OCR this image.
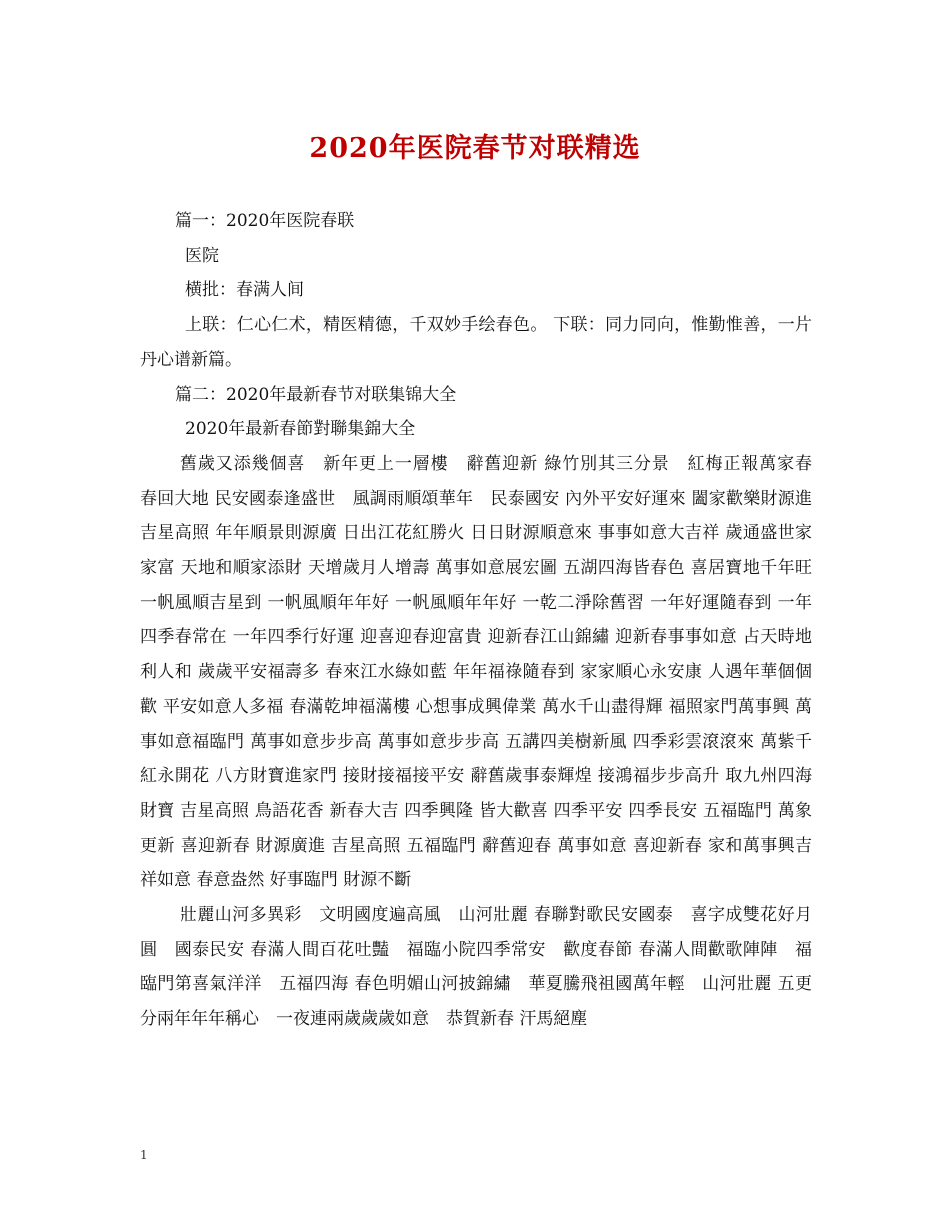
2020年医院春节对联精选

篇一：2020年医院春联

医院

横批：春满人间

上联：仁心仁术，精医精德，千双妙手绘春色。 下联：同力同向，惟勤惟善，一片丹心谱新篇。

篇二：2020年最新春节对联集锦大全

2020年最新春節對聯集錦大全

舊歲又添幾個喜　新年更上一層樓　辭舊迎新 綠竹別其三分景　紅梅正報萬家春　春回大地 民安國泰逢盛世　風調雨順頌華年　民泰國安 內外平安好運來 闔家歡樂財源進　吉星高照 年年順景則源廣 日出江花紅勝火 日日財源順意來 事事如意大吉祥 歲通盛世家家富 天地和順家添財 天增歲月人增壽 萬事如意展宏圖 五湖四海皆春色 喜居寶地千年旺 一帆風順吉星到 一帆風順年年好 一帆風順年年好 一乾二淨除舊習 一年好運隨春到 一年四季春常在 一年四季行好運 迎喜迎春迎富貴 迎新春江山錦繡 迎新春事事如意 占天時地利人和 歲歲平安福壽多 春來江水綠如藍 年年福祿隨春到 家家順心永安康 人遇年華個個歡 平安如意人多福 春滿乾坤福滿樓 心想事成興偉業 萬水千山盡得輝 福照家門萬事興 萬事如意福臨門 萬事如意步步高 萬事如意步步高 五講四美樹新風 四季彩雲滾滾來 萬紫千紅永開花 八方財寶進家門 接財接福接平安 辭舊歲事泰輝煌 接鴻福步步高升 取九州四海財寶 吉星高照 鳥語花香 新春大吉 四季興隆 皆大歡喜 四季平安 四季長安 五福臨門 萬象更新 喜迎新春 財源廣進 吉星高照 五福臨門 辭舊迎春 萬事如意 喜迎新春 家和萬事興吉祥如意 春意盎然 好事臨門 財源不斷

壯麗山河多異彩　文明國度遍高風　山河壯麗 春聯對歌民安國泰　喜字成雙花好月圓　國泰民安 春滿人間百花吐豔　福臨小院四季常安　歡度春節 春滿人間歡歌陣陣　福臨門第喜氣洋洋　五福四海 春色明媚山河披錦繡　華夏騰飛祖國萬年輕　山河壯麗 五更分兩年年年稱心　一夜連兩歲歲歲如意　恭賀新春 汗馬絕塵

1
